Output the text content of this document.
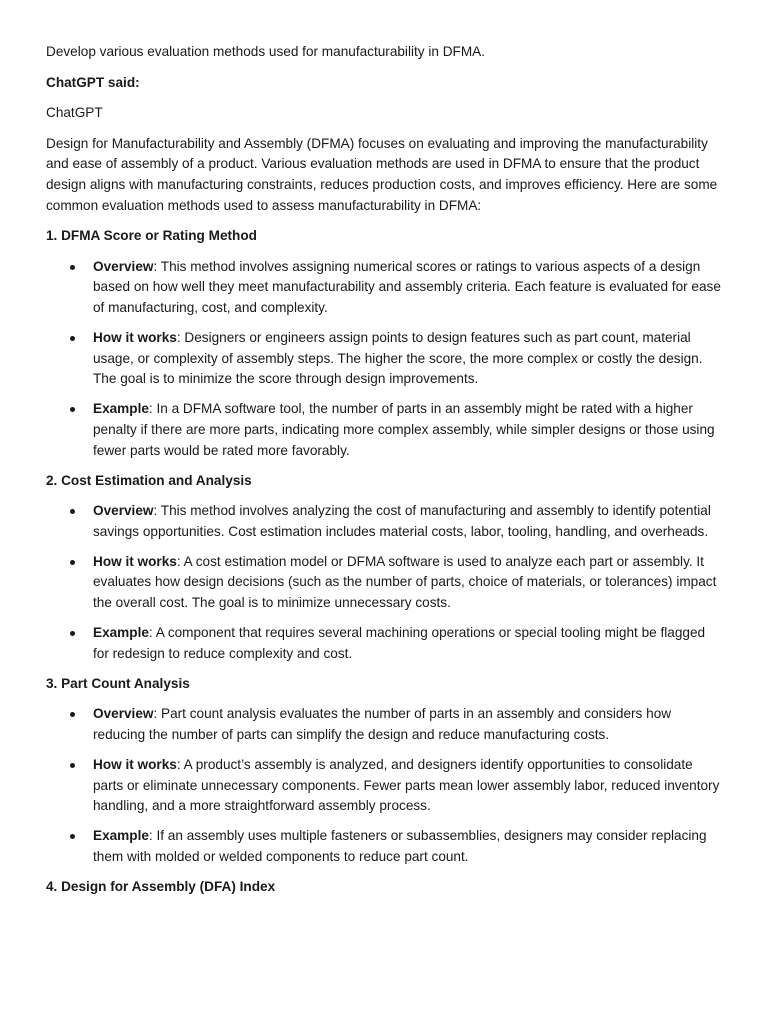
Develop various evaluation methods used for manufacturability in DFMA.

ChatGPT said:

ChatGPT

Design for Manufacturability and Assembly (DFMA) focuses on evaluating and improving the manufacturability and ease of assembly of a product. Various evaluation methods are used in DFMA to ensure that the product design aligns with manufacturing constraints, reduces production costs, and improves efficiency. Here are some common evaluation methods used to assess manufacturability in DFMA:

1. DFMA Score or Rating Method
Overview: This method involves assigning numerical scores or ratings to various aspects of a design based on how well they meet manufacturability and assembly criteria. Each feature is evaluated for ease of manufacturing, cost, and complexity.
How it works: Designers or engineers assign points to design features such as part count, material usage, or complexity of assembly steps. The higher the score, the more complex or costly the design. The goal is to minimize the score through design improvements.
Example: In a DFMA software tool, the number of parts in an assembly might be rated with a higher penalty if there are more parts, indicating more complex assembly, while simpler designs or those using fewer parts would be rated more favorably.
2. Cost Estimation and Analysis
Overview: This method involves analyzing the cost of manufacturing and assembly to identify potential savings opportunities. Cost estimation includes material costs, labor, tooling, handling, and overheads.
How it works: A cost estimation model or DFMA software is used to analyze each part or assembly. It evaluates how design decisions (such as the number of parts, choice of materials, or tolerances) impact the overall cost. The goal is to minimize unnecessary costs.
Example: A component that requires several machining operations or special tooling might be flagged for redesign to reduce complexity and cost.
3. Part Count Analysis
Overview: Part count analysis evaluates the number of parts in an assembly and considers how reducing the number of parts can simplify the design and reduce manufacturing costs.
How it works: A product’s assembly is analyzed, and designers identify opportunities to consolidate parts or eliminate unnecessary components. Fewer parts mean lower assembly labor, reduced inventory handling, and a more straightforward assembly process.
Example: If an assembly uses multiple fasteners or subassemblies, designers may consider replacing them with molded or welded components to reduce part count.
4. Design for Assembly (DFA) Index
